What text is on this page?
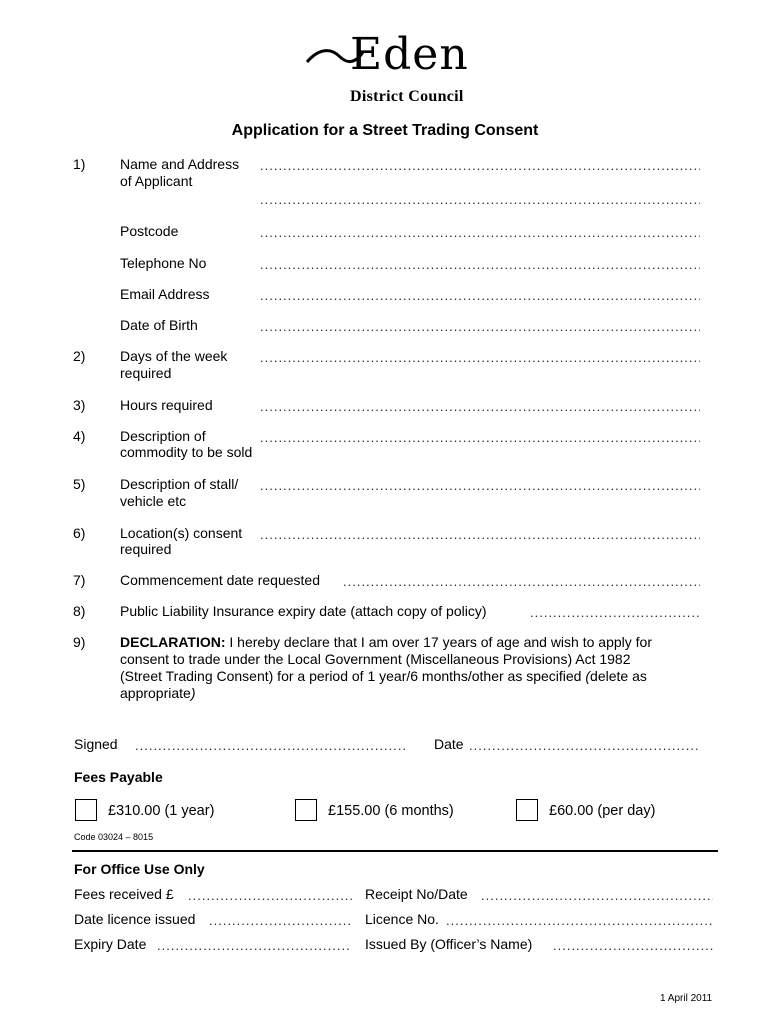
Eden
District Council
Application for a Street Trading Consent
1) Name and Address
of Applicant
.....
.....
Postcode
.....
Telephone No
.....
Email Address
.....
Date of Birth
.....
2) Days of the week
required
.....
3) Hours required
.....
4) Description of
commodity to be sold
.....
5) Description of stall/
vehicle etc
.....
6) Location(s) consent
required
.....
7) Commencement date requested
.....
8) Public Liability Insurance expiry date (attach copy of policy)
.....
9) DECLARATION: I hereby declare that I am over 17 years of age and wish to apply for
consent to trade under the Local Government (Miscellaneous Provisions) Act 1982
(Street Trading Consent) for a period of 1 year/6 months/other as specified (delete as
appropriate)
Signed .....	Date
.....
Fees Payable
£310.00 (1 year)	£155.00 (6 months)	£60.00 (per day)
Code 03024 – 8015
For Office Use Only
Fees received £ .....	Receipt No/Date
.....
Date licence issued .....	Licence No.
.....
Expiry Date .....	Issued By (Officer’s Name)
.....
1 April 2011
